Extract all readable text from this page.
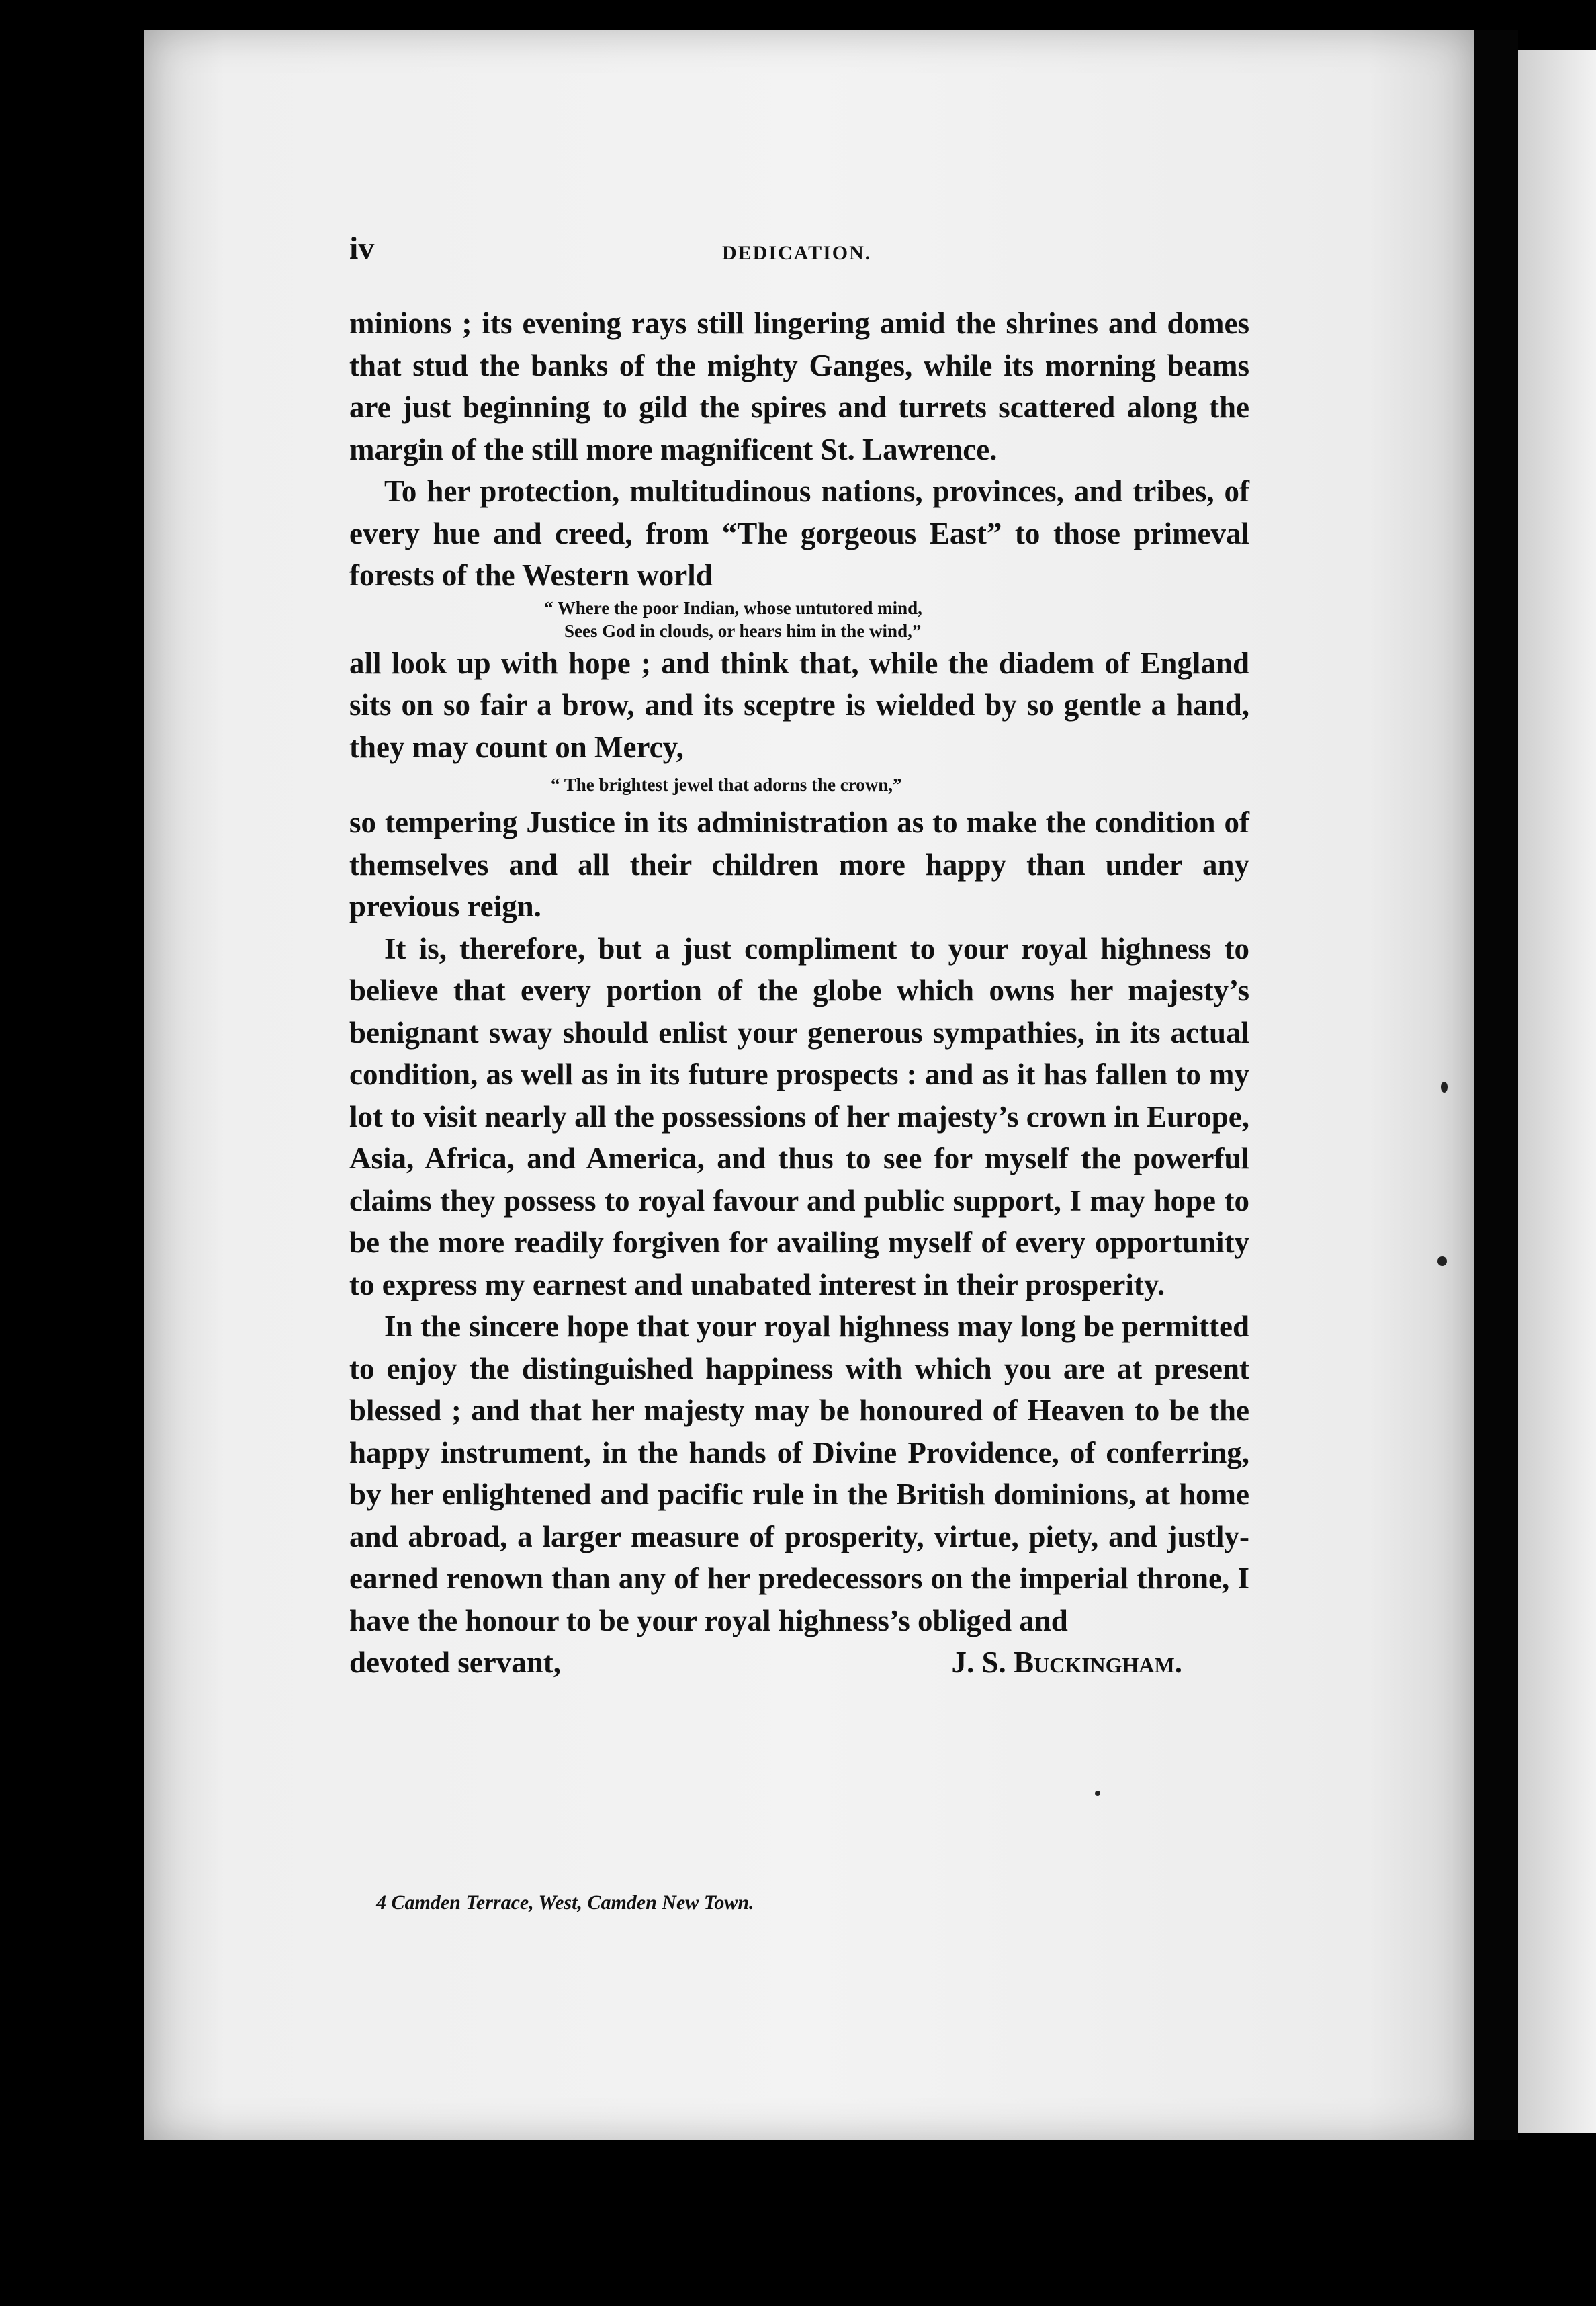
iv	DEDICATION.

minions ; its evening rays still lingering amid the shrines and domes that stud the banks of the mighty Ganges, while its morning beams are just beginning to gild the spires and turrets scattered along the margin of the still more magnificent St. Lawrence.

To her protection, multitudinous nations, provinces, and tribes, of every hue and creed, from “The gorgeous East” to those primeval forests of the Western world

“ Where the poor Indian, whose untutored mind,

Sees God in clouds, or hears him in the wind,”

all look up with hope ; and think that, while the diadem of England sits on so fair a brow, and its sceptre is wielded by so gentle a hand, they may count on Mercy,

“ The brightest jewel that adorns the crown,”

so tempering Justice in its administration as to make the condition of themselves and all their children more happy than under any previous reign.

It is, therefore, but a just compliment to your royal highness to believe that every portion of the globe which owns her majesty’s benignant sway should enlist your generous sympathies, in its actual condition, as well as in its future prospects : and as it has fallen to my lot to visit nearly all the possessions of her majesty’s crown in Europe, Asia, Africa, and America, and thus to see for myself the powerful claims they possess to royal favour and public support, I may hope to be the more readily forgiven for availing myself of every opportunity to express my earnest and unabated interest in their prosperity.

In the sincere hope that your royal highness may long be permitted to enjoy the distinguished happiness with which you are at present blessed ; and that her majesty may be honoured of Heaven to be the happy instrument, in the hands of Divine Providence, of conferring, by her enlightened and pacific rule in the British dominions, at home and abroad, a larger measure of prosperity, virtue, piety, and justly-earned renown than any of her predecessors on the imperial throne, I have the honour to be your royal highness’s obliged and

devoted servant,	J. S. Buckingham.

4 Camden Terrace, West, Camden New Town.
